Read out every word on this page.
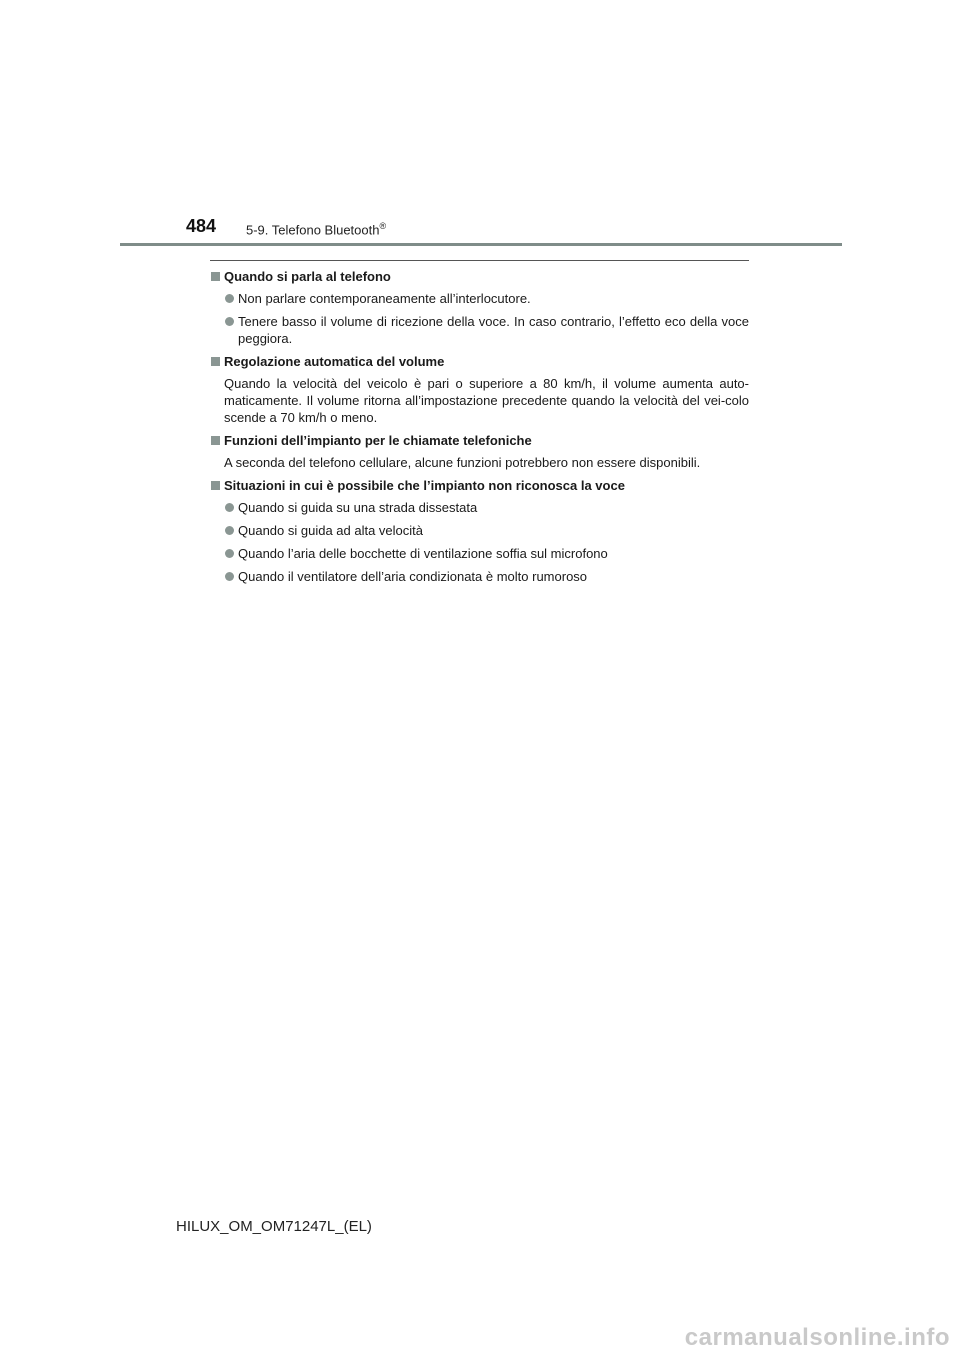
484 5-9. Telefono Bluetooth®
Quando si parla al telefono
Non parlare contemporaneamente all’interlocutore.
Tenere basso il volume di ricezione della voce. In caso contrario, l’effetto eco della voce peggiora.
Regolazione automatica del volume
Quando la velocità del veicolo è pari o superiore a 80 km/h, il volume aumenta auto-maticamente. Il volume ritorna all’impostazione precedente quando la velocità del vei-colo scende a 70 km/h o meno.
Funzioni dell’impianto per le chiamate telefoniche
A seconda del telefono cellulare, alcune funzioni potrebbero non essere disponibili.
Situazioni in cui è possibile che l’impianto non riconosca la voce
Quando si guida su una strada dissestata
Quando si guida ad alta velocità
Quando l’aria delle bocchette di ventilazione soffia sul microfono
Quando il ventilatore dell’aria condizionata è molto rumoroso
HILUX_OM_OM71247L_(EL)
carmanualsonline.info
